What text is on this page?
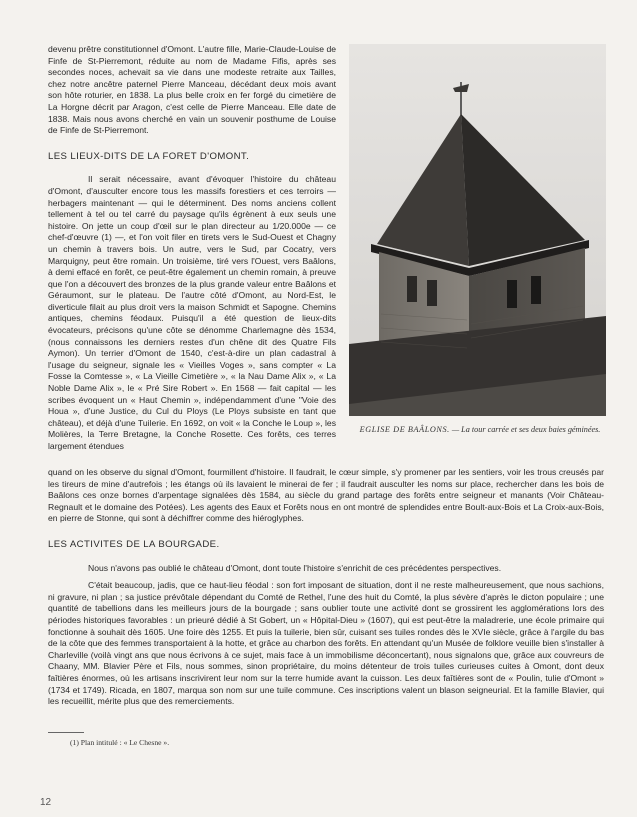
devenu prêtre constitutionnel d'Omont. L'autre fille, Marie-Claude-Louise de Finfe de St-Pierremont, réduite au nom de Madame Fifis, après ses secondes noces, achevait sa vie dans une modeste retraite aux Tailles, chez notre ancêtre paternel Pierre Manceau, décédant deux mois avant son hôte roturier, en 1838. La plus belle croix en fer forgé du cimetière de La Horgne décrit par Aragon, c'est celle de Pierre Manceau. Elle date de 1838. Mais nous avons cherché en vain un souvenir posthume de Louise de Finfe de St-Pierremont.

LES LIEUX-DITS DE LA FORET D'OMONT.

Il serait nécessaire, avant d'évoquer l'histoire du château d'Omont, d'ausculter encore tous les massifs forestiers et ces terroirs — herbagers maintenant — qui le déterminent. Des noms anciens collent tellement à tel ou tel carré du paysage qu'ils égrènent à eux seuls une histoire. On jette un coup d'œil sur le plan directeur au 1/20.000e — ce chef-d'œuvre (1) —, et l'on voit filer en tirets vers le Sud-Ouest et Chagny un chemin à travers bois. Un autre, vers le Sud, par Cocatry, vers Marquigny, peut être romain. Un troisième, tiré vers l'Ouest, vers Baâlons, à demi effacé en forêt, ce peut-être également un chemin romain, à preuve que l'on a découvert des bronzes de la plus grande valeur entre Baâlons et Géraumont, sur le plateau. De l'autre côté d'Omont, au Nord-Est, le diverticule filait au plus droit vers la maison Schmidt et Sapogne. Chemins antiques, chemins féodaux. Puisqu'il a été question de lieux-dits évocateurs, précisons qu'une côte se dénomme Charlemagne dès 1534, (nous connaissons les derniers restes d'un chêne dit des Quatre Fils Aymon). Un terrier d'Omont de 1540, c'est-à-dire un plan cadastral à l'usage du seigneur, signale les « Vieilles Voges », sans compter « La Fosse la Comtesse », « La Vieille Cimetière », « la Nau Dame Alix », « La Noble Dame Alix », le « Pré Sire Robert ». En 1568 — fait capital — les scribes évoquent un « Haut Chemin », indépendamment d'une "Voie des Houa », d'une Justice, du Cul du Ploys (Le Ploys subsiste en tant que château), et déjà d'une Tuilerie. En 1692, on voit « la Conche le Loup », les Molières, la Terre Bretagne, la Conche Rosette. Ces forêts, ces terres largement étendues

EGLISE DE BAÂLONS. — La tour carrée et ses deux baies géminées.

quand on les observe du signal d'Omont, fourmillent d'histoire. Il faudrait, le cœur simple, s'y promener par les sentiers, voir les trous creusés par les tireurs de mine d'autrefois ; les étangs où ils lavaient le minerai de fer ; il faudrait ausculter les noms sur place, rechercher dans les bois de Baâlons ces onze bornes d'arpentage signalées dès 1584, au siècle du grand partage des forêts entre seigneur et manants (Voir Château-Regnault et le domaine des Potées). Les agents des Eaux et Forêts nous en ont montré de splendides entre Boult-aux-Bois et La Croix-aux-Bois, en pierre de Stonne, qui sont à déchiffrer comme des hiéroglyphes.

LES ACTIVITES DE LA BOURGADE.

Nous n'avons pas oublié le château d'Omont, dont toute l'histoire s'enrichit de ces précédentes perspectives.

C'était beaucoup, jadis, que ce haut-lieu féodal : son fort imposant de situation, dont il ne reste malheureusement, que nous sachions, ni gravure, ni plan ; sa justice prévôtale dépendant du Comté de Rethel, l'une des huit du Comté, la plus sévère d'après le dicton populaire ; une quantité de tabellions dans les meilleurs jours de la bourgade ; sans oublier toute une activité dont se grossirent les agglomérations lors des périodes historiques favorables : un prieuré dédié à St Gobert, un « Hôpital-Dieu » (1607), qui est peut-être la maladrerie, une école primaire qui fonctionne à souhait dès 1605. Une foire dès 1255. Et puis la tuilerie, bien sûr, cuisant ses tuiles rondes dès le XVIe siècle, grâce à l'argile du bas de la côte que des femmes transportaient à la hotte, et grâce au charbon des forêts. En attendant qu'un Musée de folklore veuille bien s'installer à Charleville (voilà vingt ans que nous écrivons à ce sujet, mais face à un immobilisme déconcertant), nous signalons que, grâce aux couvreurs de Chaany, MM. Blavier Père et Fils, nous sommes, sinon propriétaire, du moins détenteur de trois tuiles curieuses cuites à Omont, dont deux faîtières énormes, où les artisans inscrivirent leur nom sur la terre humide avant la cuisson. Les deux faîtières sont de « Poulin, tulie d'Omont » (1734 et 1749). Ricada, en 1807, marqua son nom sur une tuile commune. Ces inscriptions valent un blason seigneurial. Et la famille Blavier, qui les recueillit, mérite plus que des remerciements.

(1) Plan intitulé : « Le Chesne ».
12
